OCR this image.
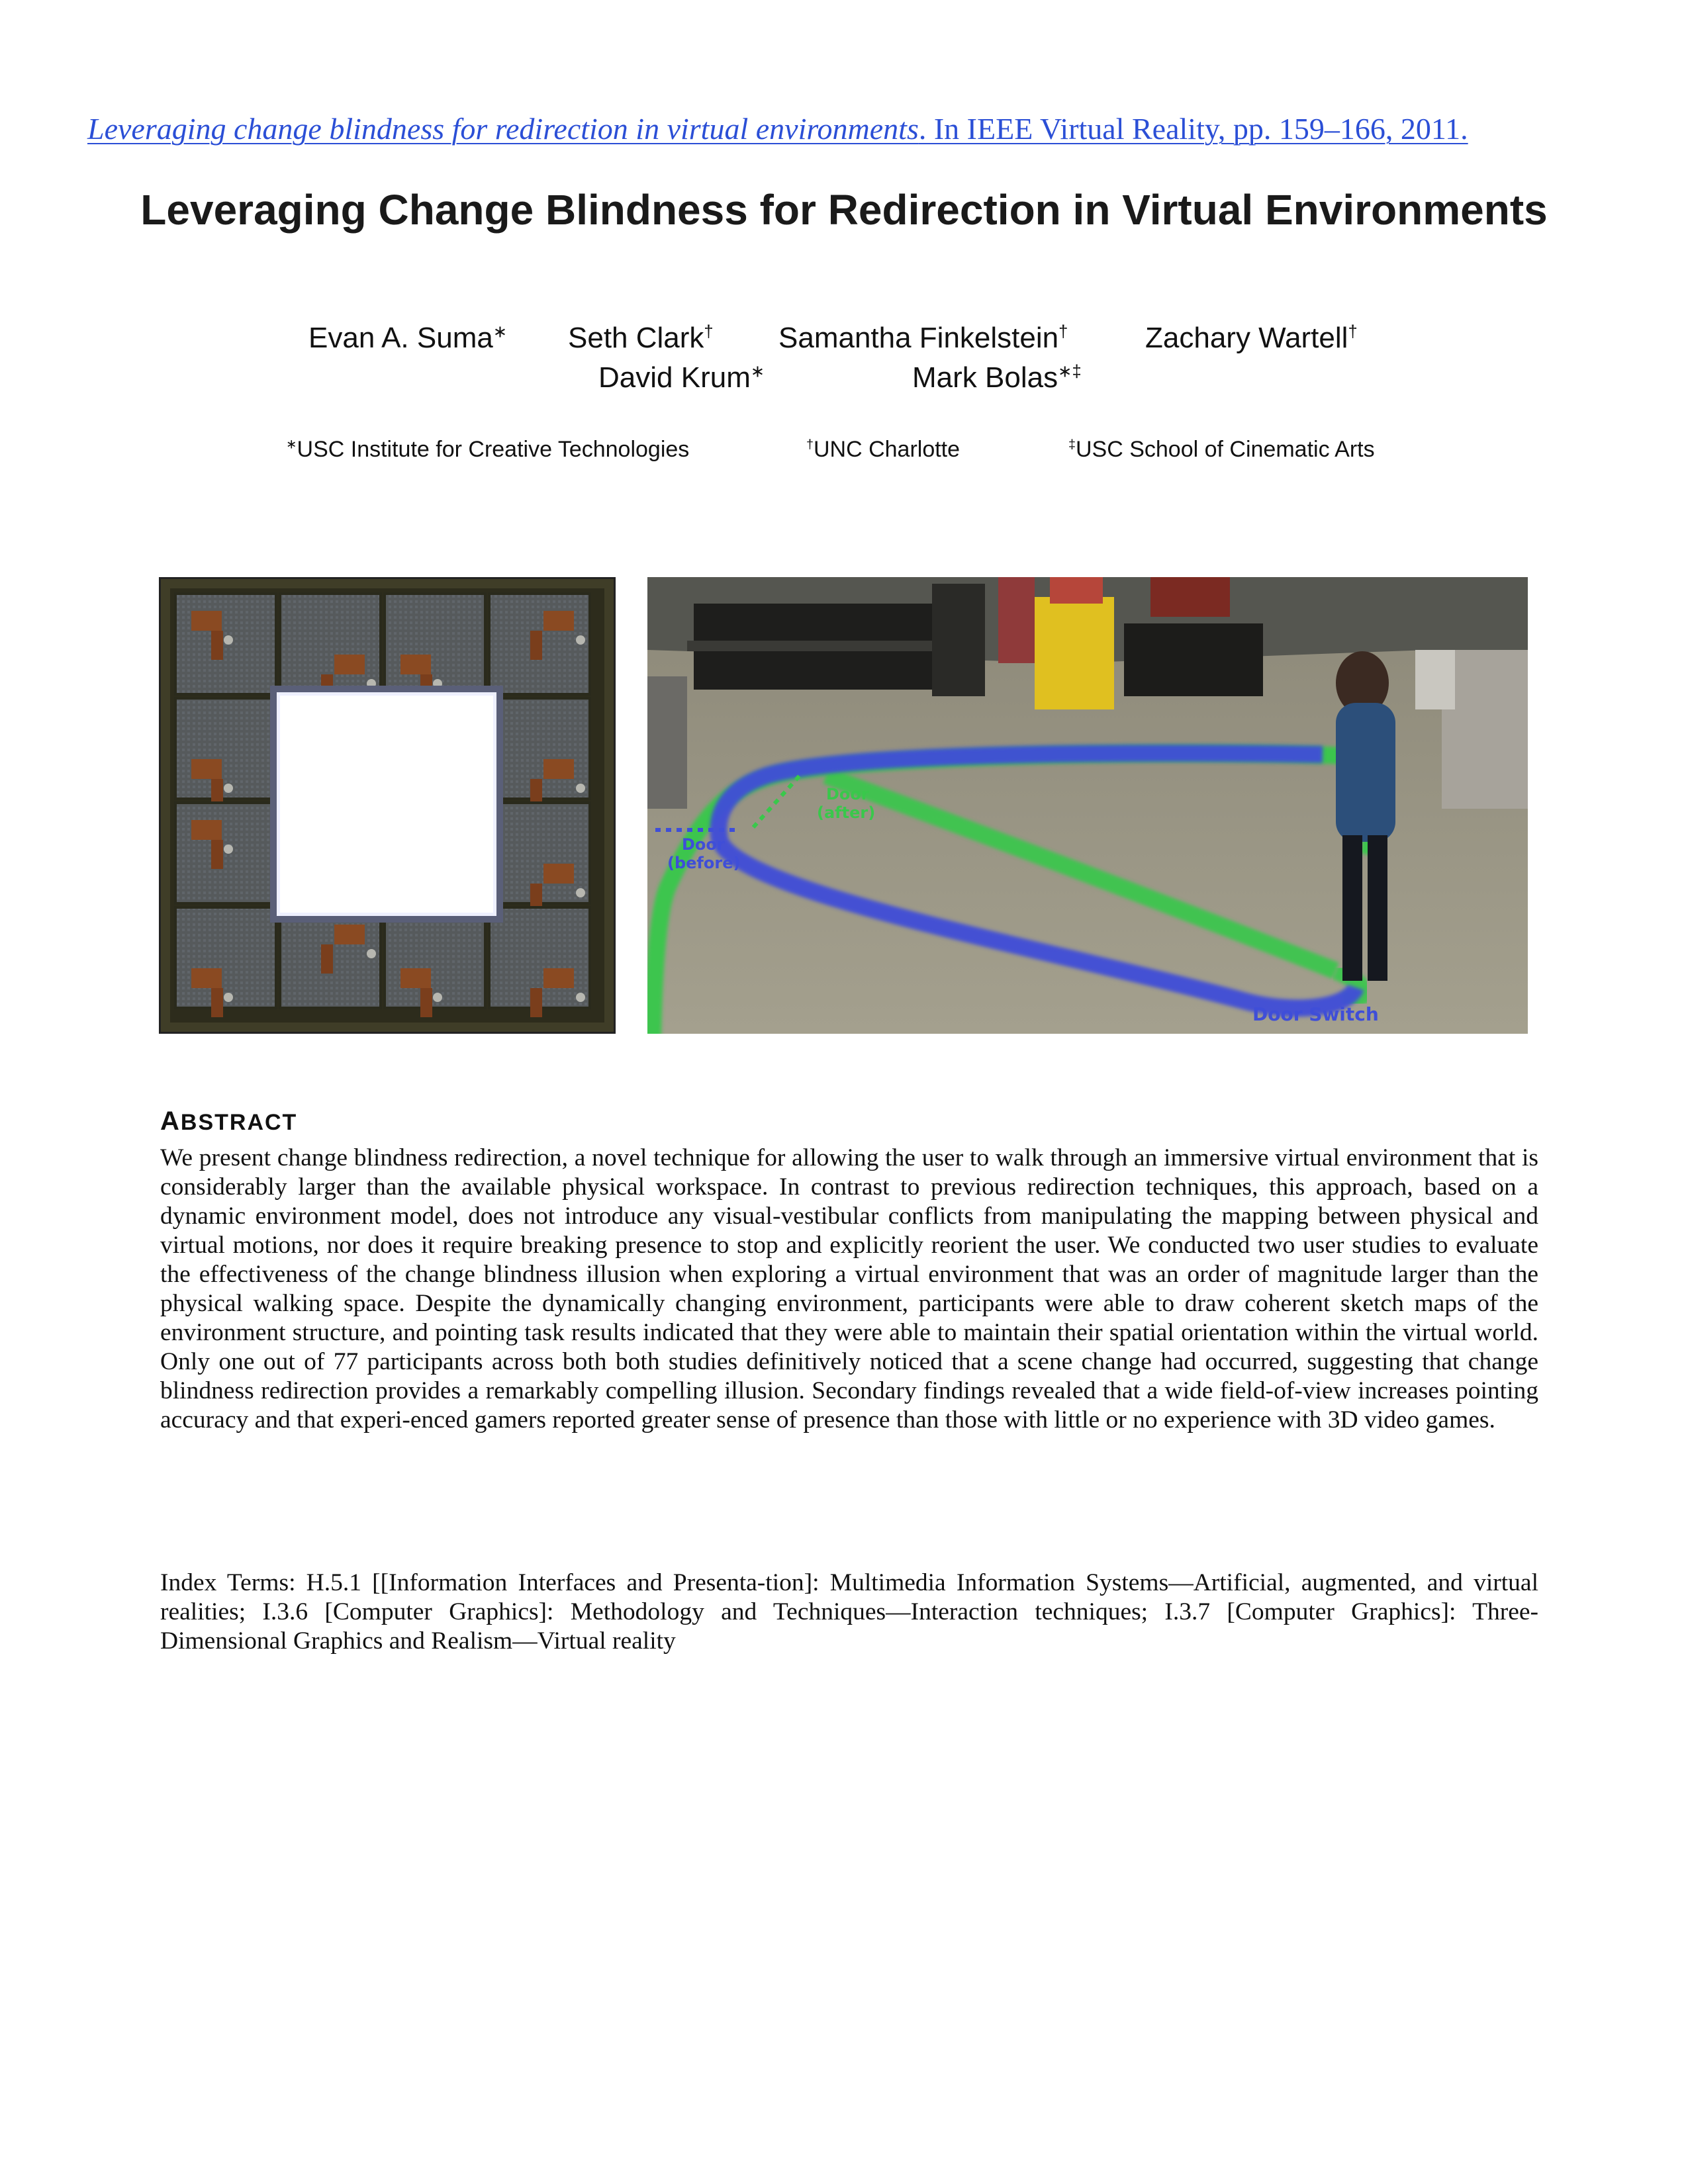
Leveraging change blindness for redirection in virtual environments. In IEEE Virtual Reality, pp. 159–166, 2011.
Leveraging Change Blindness for Redirection in Virtual Environments
Evan A. Suma∗ Seth Clark† Samantha Finkelstein†	Zachary Wartell†
David Krum∗	Mark Bolas∗‡
∗USC Institute for Creative Technologies	†UNC Charlotte	‡USC School of Cinematic Arts
Door
(after)
Door
(before)
Door Switch
ABSTRACT

We present change blindness redirection, a novel technique for allowing the user to walk through an immersive virtual environment that is considerably larger than the available physical workspace. In contrast to previous redirection techniques, this approach, based on a dynamic environment model, does not introduce any visual-vestibular conflicts from manipulating the mapping between physical and virtual motions, nor does it require breaking presence to stop and explicitly reorient the user. We conducted two user studies to evaluate the effectiveness of the change blindness illusion when exploring a virtual environment that was an order of magnitude larger than the physical walking space. Despite the dynamically changing environment, participants were able to draw coherent sketch maps of the environment structure, and pointing task results indicated that they were able to maintain their spatial orientation within the virtual world. Only one out of 77 participants across both both studies definitively noticed that a scene change had occurred, suggesting that change blindness redirection provides a remarkably compelling illusion. Secondary findings revealed that a wide field-of-view increases pointing accuracy and that experi-enced gamers reported greater sense of presence than those with little or no experience with 3D video games.

Index Terms: H.5.1 [[Information Interfaces and Presenta-tion]: Multimedia Information Systems—Artificial, augmented, and virtual realities; I.3.6 [Computer Graphics]: Methodology and Techniques—Interaction techniques; I.3.7 [Computer Graphics]: Three-Dimensional Graphics and Realism—Virtual reality
